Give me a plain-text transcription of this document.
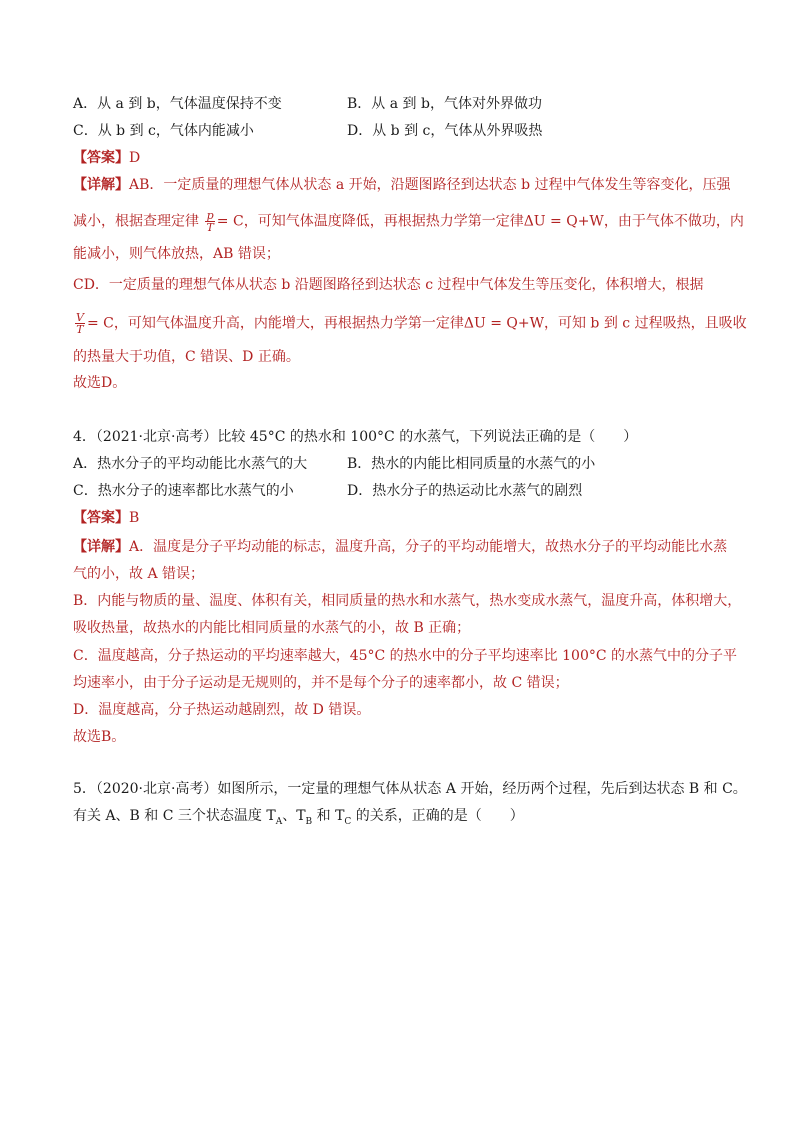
A．从 a 到 b，气体温度保持不变	B．从 a 到 b，气体对外界做功
C．从 b 到 c，气体内能减小	D．从 b 到 c，气体从外界吸热
【答案】D
【详解】AB．一定质量的理想气体从状态 a 开始，沿题图路径到达状态 b 过程中气体发生等容变化，压强
减小，根据查理定律 $\frac{p}{T} = C$，可知气体温度降低，再根据热力学第一定律ΔU = Q+W，由于气体不做功，内
能减小，则气体放热，AB 错误；
CD．一定质量的理想气体从状态 b 沿题图路径到达状态 c 过程中气体发生等压变化，体积增大，根据
$\frac{V}{T} = C$，可知气体温度升高，内能增大，再根据热力学第一定律ΔU = Q+W，可知 b 到 c 过程吸热，且吸收
的热量大于功值，C 错误、D 正确。
故选D。
4．（2021·北京·高考）比较 45°C 的热水和 100°C 的水蒸气，下列说法正确的是（　　）
A．热水分子的平均动能比水蒸气的大	B．热水的内能比相同质量的水蒸气的小
C．热水分子的速率都比水蒸气的小	D．热水分子的热运动比水蒸气的剧烈
【答案】B
【详解】A．温度是分子平均动能的标志，温度升高，分子的平均动能增大，故热水分子的平均动能比水蒸
气的小，故 A 错误；
B．内能与物质的量、温度、体积有关，相同质量的热水和水蒸气，热水变成水蒸气，温度升高，体积增大，
吸收热量，故热水的内能比相同质量的水蒸气的小，故 B 正确；
C．温度越高，分子热运动的平均速率越大，45°C 的热水中的分子平均速率比 100°C 的水蒸气中的分子平
均速率小，由于分子运动是无规则的，并不是每个分子的速率都小，故 C 错误；
D．温度越高，分子热运动越剧烈，故 D 错误。
故选B。
5．（2020·北京·高考）如图所示，一定量的理想气体从状态 A 开始，经历两个过程，先后到达状态 B 和 C。
有关 A、B 和 C 三个状态温度 $T_A$、$T_B$ 和 $T_C$ 的关系，正确的是（　　）
